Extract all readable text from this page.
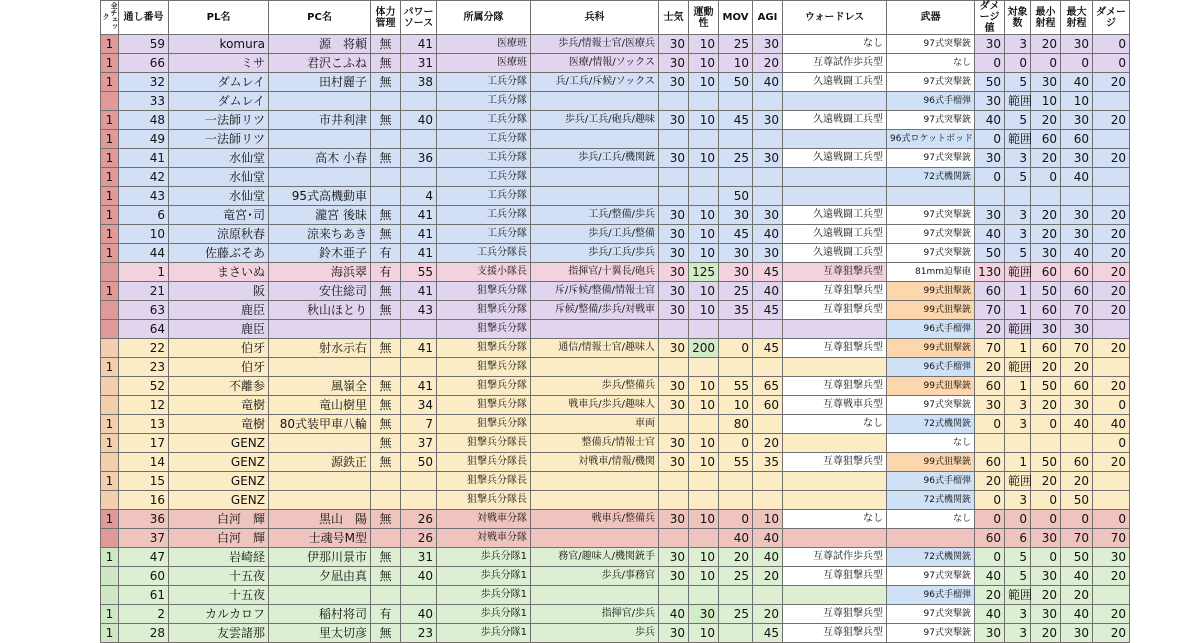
全チェック	通し番号	PL名	PC名	体力管理	パワーソース	所属分隊	兵科	士気	運動性	MOV	AGI	ウォードレス	武器	ダメージ値	対象数	最小射程	最大射程	ダメージ
1	59	komura	源　将頼	無	41	医療班	歩兵/情報士官/医療兵	30	10	25	30	なし	97式突撃銃	30	3	20	30	0
1	66	ミサ	君沢こふね	無	31	医療班	医療/情報/ソックス	30	10	10	20	互尊試作歩兵型	なし	0	0	0	0	0
1	32	ダムレイ	田村麗子	無	38	工兵分隊	兵/工兵/斥候/ソックス	30	10	50	40	久遠戦闘工兵型	97式突撃銃	50	5	30	40	20
	33	ダムレイ				工兵分隊							96式手榴弾	30	範囲	10	10	
1	48	一法師リツ	市井利津	無	40	工兵分隊	歩兵/工兵/砲兵/趣味	30	10	45	30	久遠戦闘工兵型	97式突撃銃	40	5	20	30	20
1	49	一法師リツ				工兵分隊							96式ロケットボッド	0	範囲	60	60	
1	41	水仙堂	高木 小春	無	36	工兵分隊	歩兵/工兵/機関銃	30	10	25	30	久遠戦闘工兵型	97式突撃銃	30	3	20	30	20
1	42	水仙堂				工兵分隊							72式機関銃	0	5	0	40	
1	43	水仙堂	95式高機動車		4	工兵分隊				50								
1	6	竜宮･司	瀧宮 後昧	無	41	工兵分隊	工兵/整備/歩兵	30	10	30	30	久遠戦闘工兵型	97式突撃銃	30	3	20	30	20
1	10	涼原秋春	涼来ちあき	無	41	工兵分隊	歩兵/工兵/整備	30	10	45	40	久遠戦闘工兵型	97式突撃銃	40	3	20	30	20
1	44	佐藤ぶそあ	鈴木亜子	有	41	工兵分隊長	歩兵/工兵/歩兵	30	10	30	30	久遠戦闘工兵型	97式突撃銃	50	5	30	40	20
	1	まさいぬ	海浜翠	有	55	支援小隊長	指揮官/十翼長/砲兵	30	125	30	45	互尊狙撃兵型	81mm迫撃砲	130	範囲	60	60	20
1	21	阪	安住総司	無	41	狙撃兵分隊	斥/斥候/整備/情報士官	30	10	25	40	互尊狙撃兵型	99式狙撃銃	60	1	50	60	20
	63	鹿臣	秋山ほとり	無	43	狙撃兵分隊	斥候/整備/歩兵/対戦車	30	10	35	45	互尊狙撃兵型	99式狙撃銃	70	1	60	70	20
	64	鹿臣				狙撃兵分隊							96式手榴弾	20	範囲	30	30	
	22	伯牙	射水示右	無	41	狙撃兵分隊	通信/情報士官/趣味人	30	200	0	45	互尊狙撃兵型	99式狙撃銃	70	1	60	70	20
1	23	伯牙				狙撃兵分隊							96式手榴弾	20	範囲	20	20	
	52	不離参	風嶺全	無	41	狙撃兵分隊	歩兵/整備兵	30	10	55	65	互尊狙撃兵型	99式狙撃銃	60	1	50	60	20
	12	竜樹	竜山樹里	無	34	狙撃兵分隊	戦車兵/歩兵/趣味人	30	10	10	60	互尊戦車兵型	97式突撃銃	30	3	20	30	0
1	13	竜樹	80式装甲車八輪	無	7	狙撃兵分隊	車両			80		なし	72式機関銃	0	3	0	40	40
1	17	GENZ		無	37	狙撃兵分隊長	整備兵/情報士官	30	10	0	20		なし					0
	14	GENZ	源鉄正	無	50	狙撃兵分隊長	対戦車/情報/機関	30	10	55	35	互尊狙撃兵型	99式狙撃銃	60	1	50	60	20
1	15	GENZ				狙撃兵分隊長							96式手榴弾	20	範囲	20	20	
	16	GENZ				狙撃兵分隊長							72式機関銃	0	3	0	50	
1	36	白河　輝	黒山　陽	無	26	対戦車分隊	戦車兵/整備兵	30	10	0	10	なし	なし	0	0	0	0	0
	37	白河　輝	士魂号M型		26	対戦車分隊				40	40			60	6	30	70	70
1	47	岩崎経	伊那川景市	無	31	歩兵分隊1	務官/趣味人/機関銃手	30	10	20	40	互尊試作歩兵型	72式機関銃	0	5	0	50	30
	60	十五夜	夕凪由真	無	40	歩兵分隊1	歩兵/事務官	30	10	25	20	互尊狙撃兵型	97式突撃銃	40	5	30	40	20
	61	十五夜				歩兵分隊1							96式手榴弾	20	範囲	20	20	
1	2	カルカロフ	稲村将司	有	40	歩兵分隊1	指揮官/歩兵	40	30	25	20	互尊狙撃兵型	97式突撃銃	40	3	30	40	20
1	28	友雲諸那	里太切彦	無	23	歩兵分隊1	歩兵	30	10		45	互尊狙撃兵型	97式突撃銃	30	3	20	30	20
